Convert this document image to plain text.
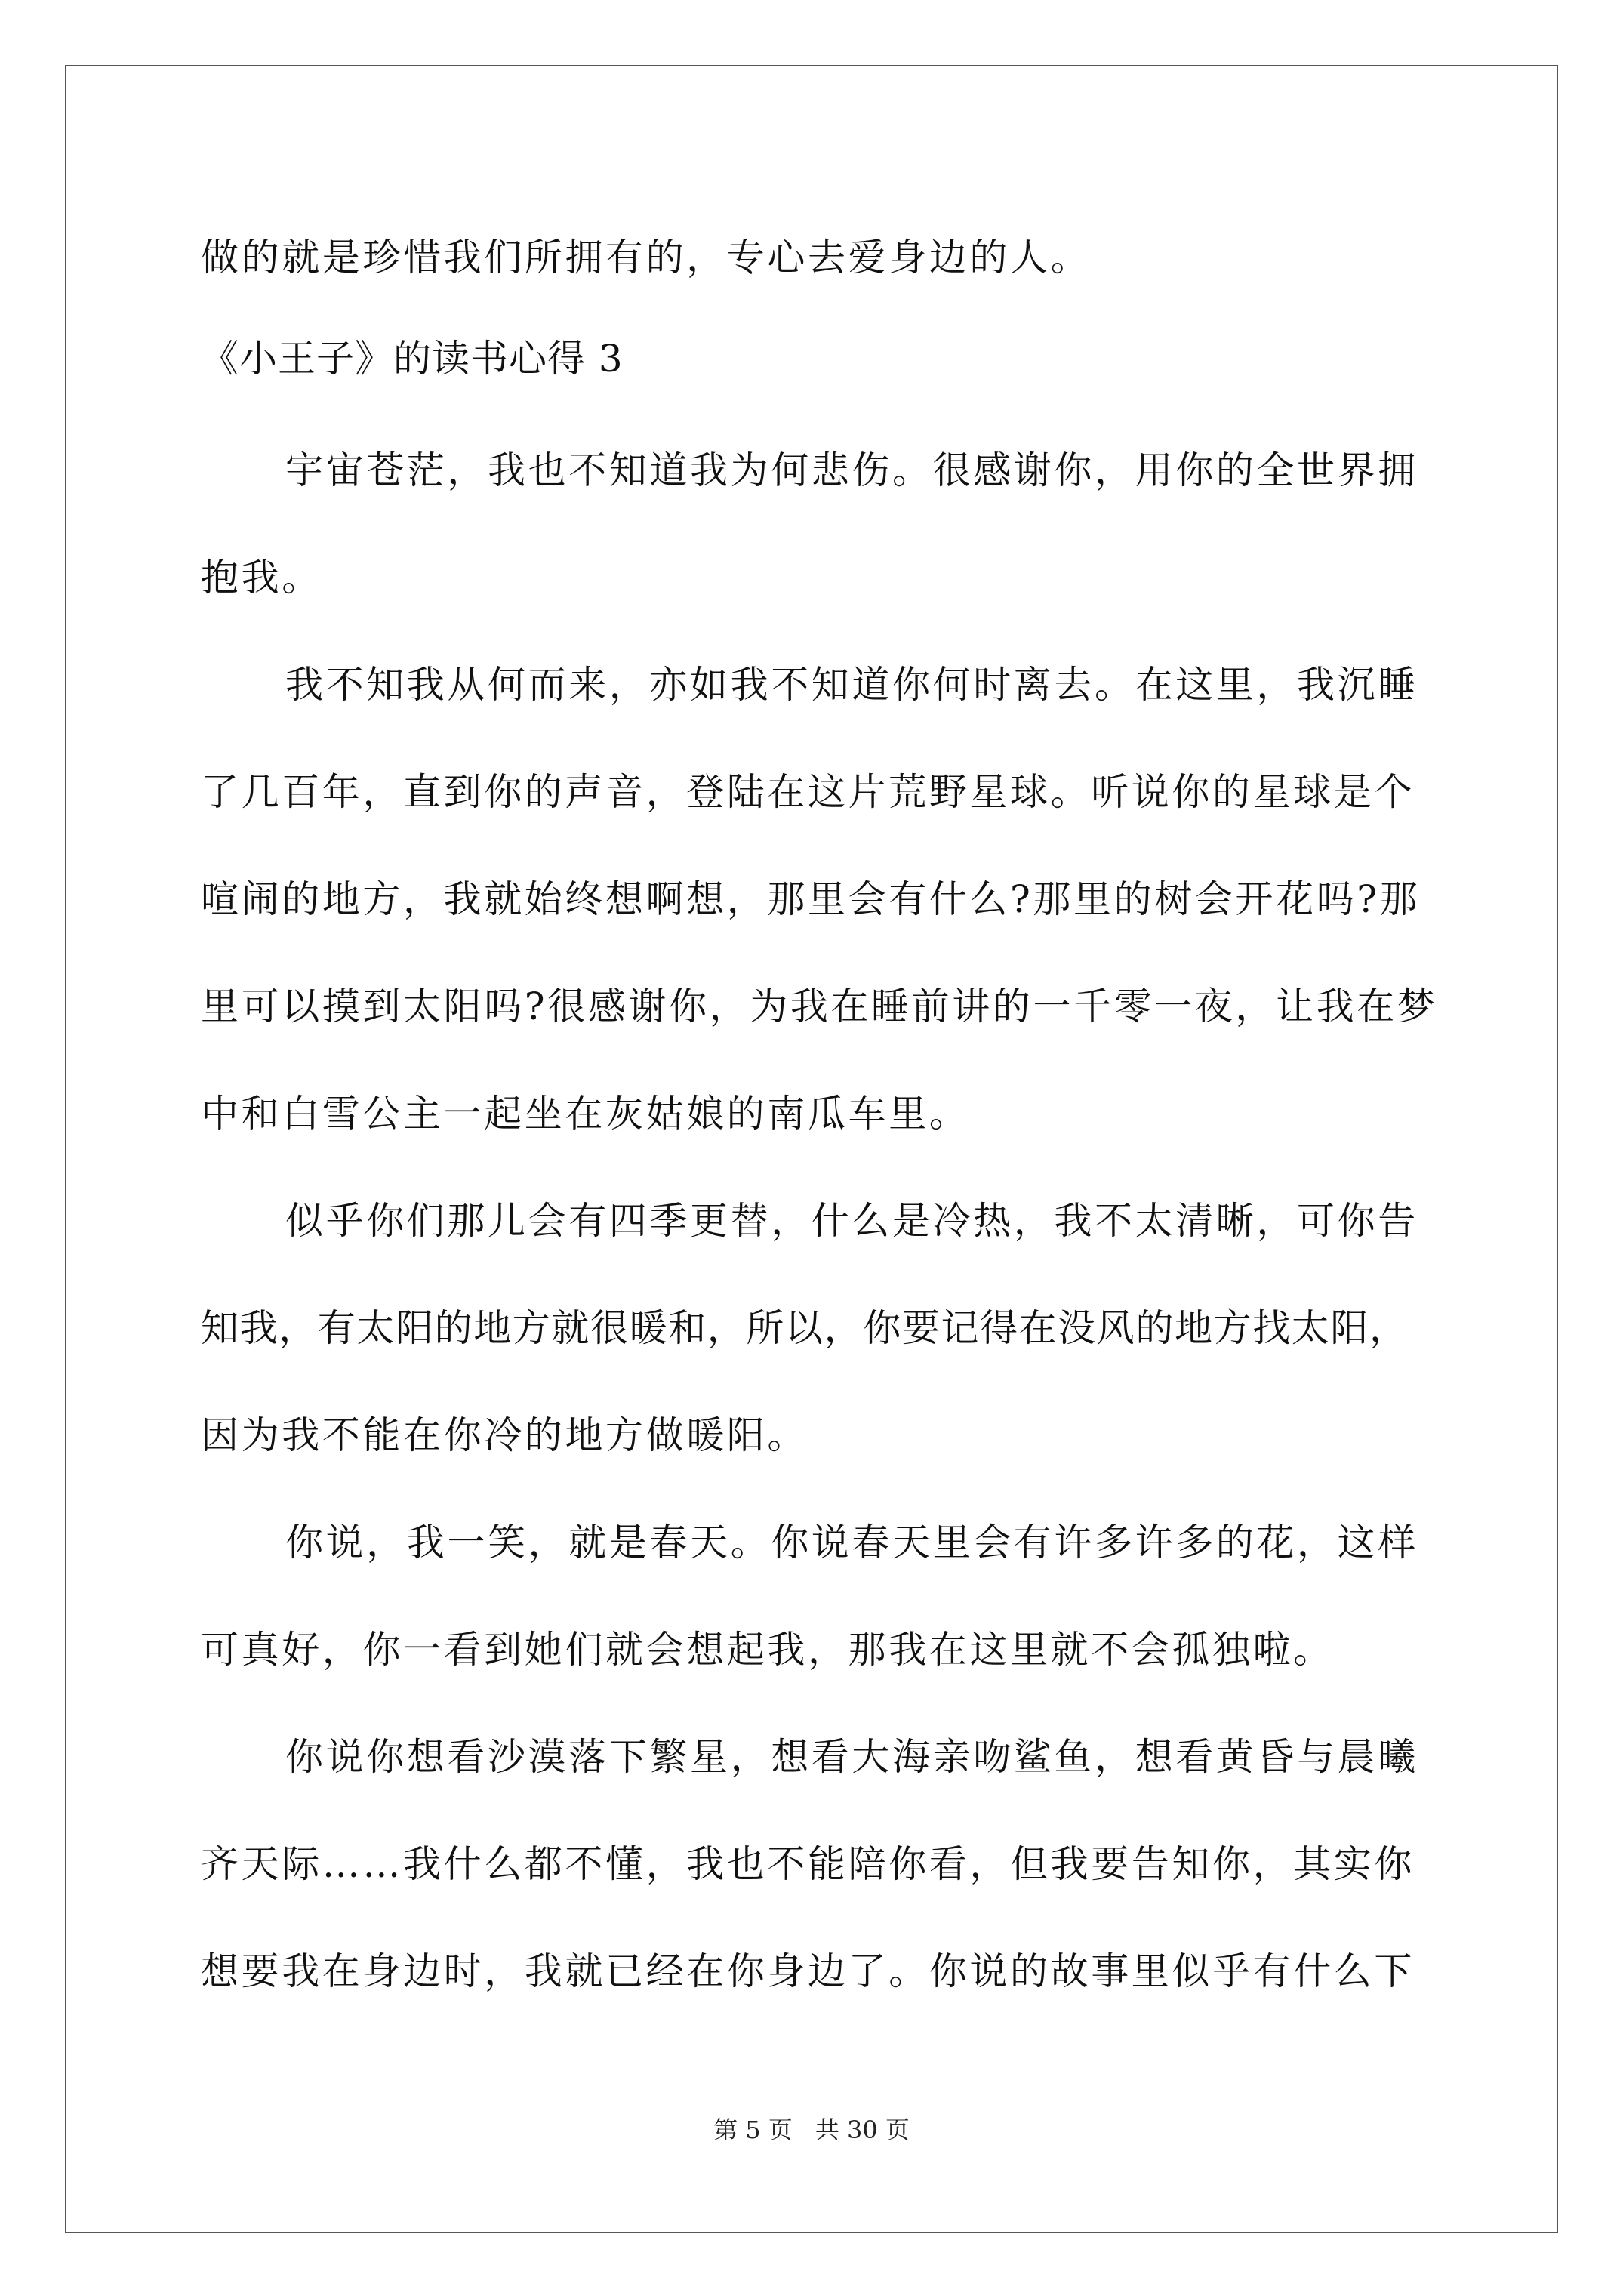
做的就是珍惜我们所拥有的，专心去爱身边的人。
《小王子》的读书心得 3
宇宙苍茫，我也不知道我为何悲伤。很感谢你，用你的全世界拥
抱我。
我不知我从何而来，亦如我不知道你何时离去。在这里，我沉睡
了几百年，直到你的声音，登陆在这片荒野星球。听说你的星球是个
喧闹的地方，我就始终想啊想，那里会有什么?那里的树会开花吗?那
里可以摸到太阳吗?很感谢你，为我在睡前讲的一千零一夜，让我在梦
中和白雪公主一起坐在灰姑娘的南瓜车里。
似乎你们那儿会有四季更替，什么是冷热，我不太清晰，可你告
知我，有太阳的地方就很暖和，所以，你要记得在没风的地方找太阳，
因为我不能在你冷的地方做暖阳。
你说，我一笑，就是春天。你说春天里会有许多许多的花，这样
可真好，你一看到她们就会想起我，那我在这里就不会孤独啦。
你说你想看沙漠落下繁星，想看大海亲吻鲨鱼，想看黄昏与晨曦
齐天际……我什么都不懂，我也不能陪你看，但我要告知你，其实你
想要我在身边时，我就已经在你身边了。你说的故事里似乎有什么下
第 5 页 共 30 页
